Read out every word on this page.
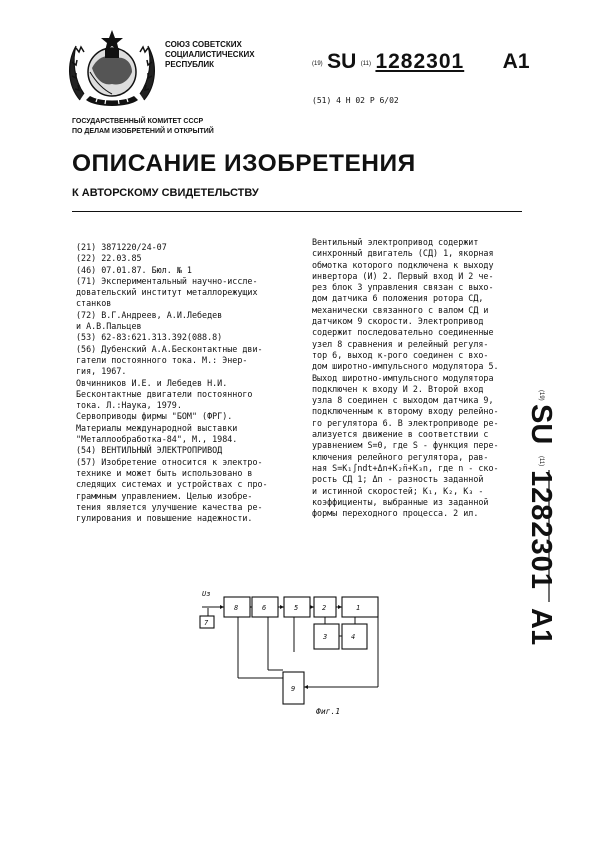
СОЮЗ СОВЕТСКИХ
СОЦИАЛИСТИЧЕСКИХ
РЕСПУБЛИК	(19) SU (11) 1282301 A1
(51) 4 Н 02 Р 6/02
ГОСУДАРСТВЕННЫЙ КОМИТЕТ СССР
ПО ДЕЛАМ ИЗОБРЕТЕНИЙ И ОТКРЫТИЙ
ОПИСАНИЕ ИЗОБРЕТЕНИЯ
К АВТОРСКОМУ СВИДЕТЕЛЬСТВУ
(21) 3871220/24-07
(22) 22.03.85
(46) 07.01.87. Бюл. № 1
(71) Экспериментальный научно-иссле-
довательский институт металлорежущих
станков
(72) В.Г.Андреев, А.И.Лебедев
и А.В.Пальцев
(53) 62-83:621.313.392(088.8)
(56) Дубенский А.А.Бесконтактные дви-
гатели постоянного тока. М.: Энер-
гия, 1967.
Овчинников И.Е. и Лебедев Н.И.
Бесконтактные двигатели постоянного
тока. Л.:Наука, 1979.
Сервоприводы фирмы "БОМ" (ФРГ).
Материалы международной выставки
"Металлообработка-84", М., 1984.
(54) ВЕНТИЛЬНЫЙ ЭЛЕКТРОПРИВОД
(57) Изобретение относится к электро-
технике и может быть использовано в
следящих системах и устройствах с про-
граммным управлением. Целью изобре-
тения является улучшение качества ре-
гулирования и повышение надежности.
Вентильный электропривод содержит
синхронный двигатель (СД) 1, якорная
обмотка которого подключена к выходу
инвертора (И) 2. Первый вход И 2 че-
рез блок 3 управления связан с выхо-
дом датчика 6 положения ротора СД,
механически связанного с валом СД и
датчиком 9 скорости. Электропривод
содержит последовательно соединенные
узел 8 сравнения и релейный регуля-
тор 6, выход к-рого соединен с вхо-
дом широтно-импульсного модулятора 5.
Выход широтно-импульсного модулятора
подключен к входу И 2. Второй вход
узла 8 соединен с выходом датчика 9,
подключенным к второму входу релейно-
го регулятора 6. В электроприводе ре-
ализуется движение в соответствии с
уравнением S=0, где S - функция пере-
ключения релейного регулятора, рав-
ная S=K₁∫ndt+Δn+K₂n̈+K₃n, где n - ско-
рость СД 1; Δn - разность заданной
и истинной скоростей; K₁, K₂, K₃ -
коэффициенты, выбранные из заданной
формы переходного процесса. 2 ил.
(19)
SU
(11)
1282301
A1
Uз
7
8	6	5	2	1
3	4
9
Фиг.1
